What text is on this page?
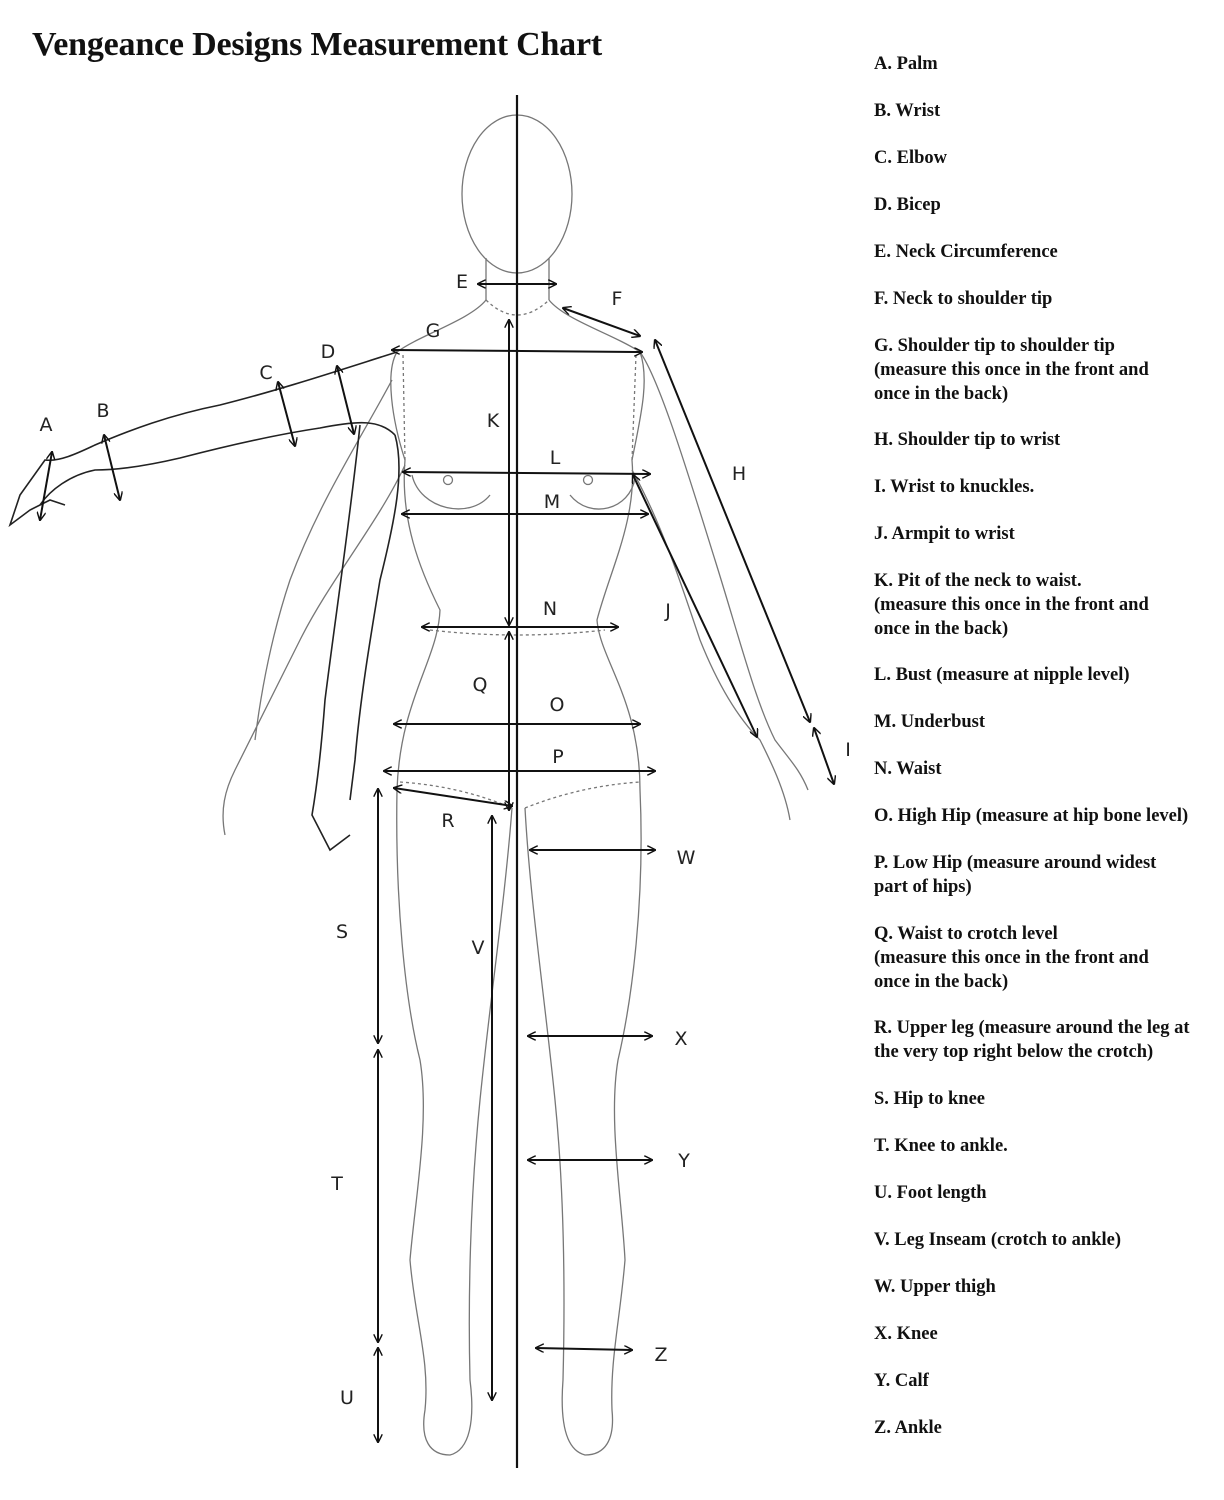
Vengeance Designs Measurement Chart
A
B
C
D
E
F
G
H
I
J
K
L
M
N
O
P
Q
R
S
T
U
V
W
X
Y
Z
A. Palm
B. Wrist
C. Elbow
D. Bicep
E. Neck Circumference
F. Neck to shoulder tip
G. Shoulder tip to shoulder tip
(measure this once in the front and
once in the back)
H. Shoulder tip to wrist
I. Wrist to knuckles.
J. Armpit to wrist
K. Pit of the neck to waist.
(measure this once in the front and
once in the back)
L. Bust (measure at nipple level)
M. Underbust
N. Waist
O. High Hip (measure at hip bone level)
P. Low Hip (measure around widest
part of hips)
Q. Waist to crotch level
(measure this once in the front and
once in the back)
R. Upper leg (measure around the leg at
the very top right below the crotch)
S. Hip to knee
T. Knee to ankle.
U. Foot length
V. Leg Inseam (crotch to ankle)
W. Upper thigh
X. Knee
Y. Calf
Z. Ankle
